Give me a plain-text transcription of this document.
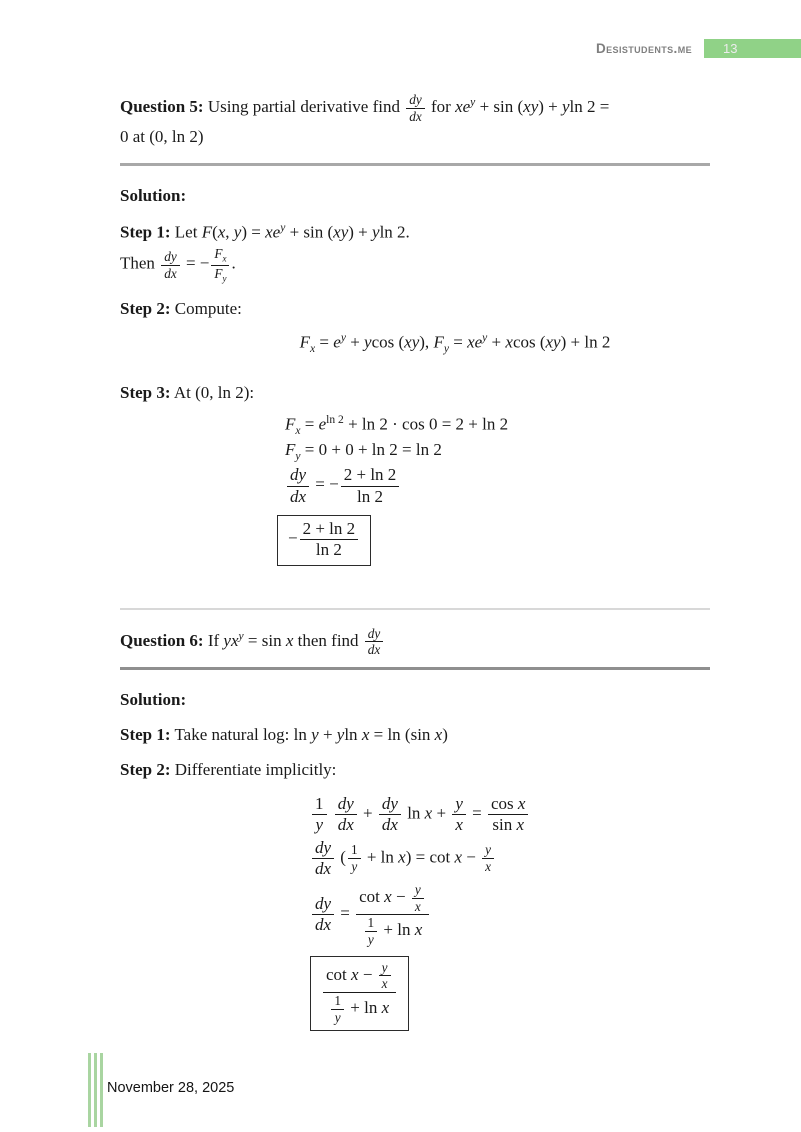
Desistudents.me	13
Question 5: Using partial derivative find $\frac{dy}{dx}$ for $xe^y + \sin (xy) + yln$ 2 =
0 at (0, ln 2)
Solution:
Step 1: Let F(x, $y) = xe^y + \sin (xy) + yln$ 2.
Then $\frac{dy}{dx}$ = − $\frac{F_x}{F_y}$ .
Step 2: Compute:
$F_x = e^y + ycos$ (xy), $F_y = xe^y + xcos$ (xy) + ln 2
Step 3: At (0, ln 2):
$F_x = e^{ln 2} + \ln 2 \cdot \cos 0 = 2 + \ln 2$
$F_y = 0 + 0 + \ln 2 = \ln 2$
$\frac{dy}{dx}$ = − $\frac{2 + \ln 2}{\ln 2}$
− $\frac{2 + \ln 2}{\ln 2}$
Question 6: If $yx^y = \sin x$ then find $\frac{dy}{dx}$
Solution:
Step 1: Take natural log: ln y + yln x = ln (sin x)
Step 2: Differentiate implicitly:
$\frac{1}{y}$
$\frac{dy}{dx} + \frac{dy}{dx}$ $\ln x + \frac{y}{x} = \frac{\text{cos x}}{\text{sin x}}$
$\frac{dy}{dx}$ ( $\frac{1}{y} + \ln x) = \cot x - \frac{y}{x}$
$\frac{dy}{dx} = \frac{\cot x - \frac{y}{x}}{\frac{1}{y} + \ln x}$
$\frac{\cot x - \frac{y}{x}}{\frac{1}{y} + \ln x}$
November 28, 2025
